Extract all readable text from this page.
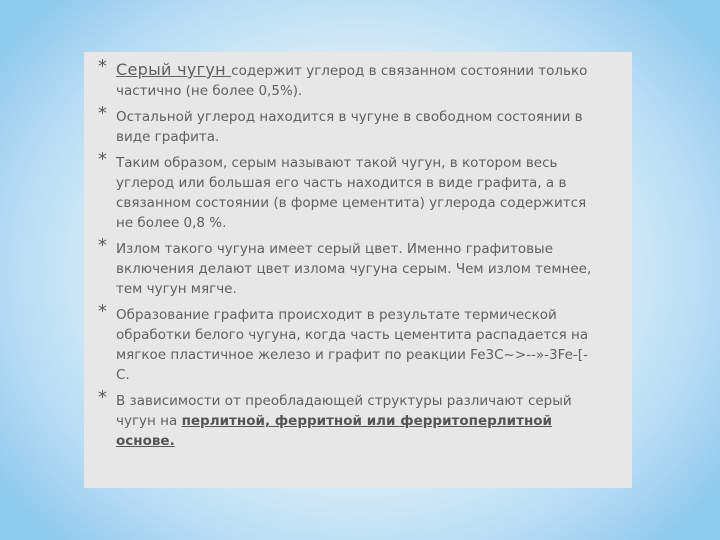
* Серый чугун содержит углерод в связанном состоянии только частично (не более 0,5%).
* Остальной углерод находится в чугуне в свободном состоянии в виде графита.
* Таким образом, серым называют такой чугун, в котором весь углерод или большая его часть находится в виде графита, а в связанном состоянии (в форме цементита) углерода содержится не более 0,8 %.
* Излом такого чугуна имеет серый цвет. Именно графитовые включения делают цвет излома чугуна серым. Чем излом темнее, тем чугун мягче.
* Образование графита происходит в результате термической обработки белого чугуна, когда часть цементита распадается на мягкое пластичное железо и графит по реакции Fe3C~>--»-3Fe-[-С.
* В зависимости от преобладающей структуры различают серый чугун на перлитной, ферритной или ферритоперлитной основе.
